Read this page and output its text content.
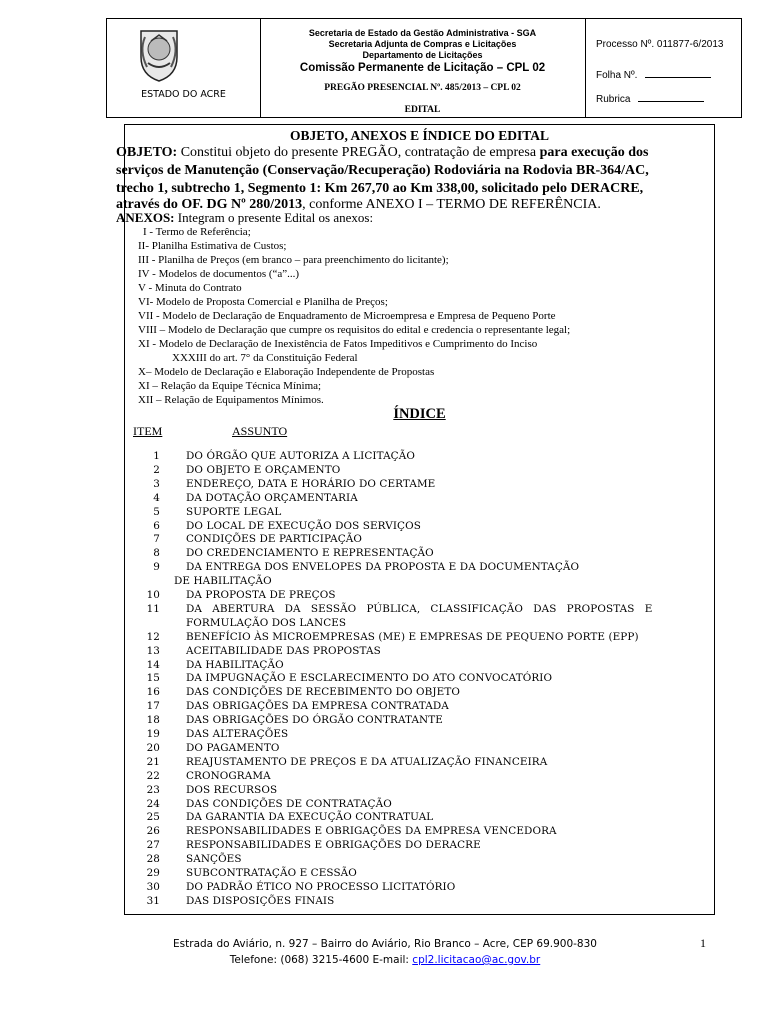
ESTADO DO ACRE
Secretaria de Estado da Gestão Administrativa - SGA
Secretaria Adjunta de Compras e Licitações
Departamento de Licitações
Comissão Permanente de Licitação – CPL 02
PREGÃO PRESENCIAL Nº. 485/2013 – CPL 02
EDITAL
Processo Nº. 011877-6/2013
Folha Nº.
Rubrica
OBJETO, ANEXOS E ÍNDICE DO EDITAL
OBJETO: Constitui objeto do presente PREGÃO, contratação de empresa para execução dos
serviços de Manutenção (Conservação/Recuperação) Rodoviária na Rodovia BR-364/AC,
trecho 1, subtrecho 1, Segmento 1: Km 267,70 ao Km 338,00, solicitado pelo DERACRE,
através do OF. DG Nº 280/2013, conforme ANEXO I – TERMO DE REFERÊNCIA.
ANEXOS: Integram o presente Edital os anexos:
I - Termo de Referência;
II- Planilha Estimativa de Custos;
III - Planilha de Preços (em branco – para preenchimento do licitante);
IV - Modelos de documentos (“a”...)
V - Minuta do Contrato
VI- Modelo de Proposta Comercial e Planilha de Preços;
VII - Modelo de Declaração de Enquadramento de Microempresa e Empresa de Pequeno Porte
VIII – Modelo de Declaração que cumpre os requisitos do edital e credencia o representante legal;
XI - Modelo de Declaração de Inexistência de Fatos Impeditivos e Cumprimento do Inciso
XXXIII do art. 7° da Constituição Federal
X– Modelo de Declaração e Elaboração Independente de Propostas
XI – Relação da Equipe Técnica Mínima;
XII – Relação de Equipamentos Mínimos.
ÍNDICE
ITEM	ASSUNTO
1	DO ÓRGÃO QUE AUTORIZA A LICITAÇÃO
2	DO OBJETO E ORÇAMENTO
3	ENDEREÇO, DATA E HORÁRIO DO CERTAME
4	DA DOTAÇÃO ORÇAMENTARIA
5	SUPORTE LEGAL
6	DO LOCAL DE EXECUÇÃO DOS SERVIÇOS
7	CONDIÇÕES DE PARTICIPAÇÃO
8	DO CREDENCIAMENTO E REPRESENTAÇÃO
9	DA ENTREGA DOS ENVELOPES DA PROPOSTA E DA DOCUMENTAÇÃO
DE HABILITAÇÃO
10	DA PROPOSTA DE PREÇOS
11	DA   ABERTURA   DA   SESSÃO   PÚBLICA,   CLASSIFICAÇÃO   DAS   PROPOSTAS   E
FORMULAÇÃO DOS LANCES
12	BENEFÍCIO ÀS MICROEMPRESAS (ME) E EMPRESAS DE PEQUENO PORTE (EPP)
13	ACEITABILIDADE DAS PROPOSTAS
14	DA HABILITAÇÃO
15	DA IMPUGNAÇÃO E ESCLARECIMENTO DO ATO CONVOCATÓRIO
16	DAS CONDIÇÕES DE RECEBIMENTO DO OBJETO
17	DAS OBRIGAÇÕES DA EMPRESA CONTRATADA
18	DAS OBRIGAÇÕES DO ÓRGÃO CONTRATANTE
19	DAS ALTERAÇÕES
20	DO PAGAMENTO
21	REAJUSTAMENTO DE PREÇOS E DA ATUALIZAÇÃO FINANCEIRA
22	CRONOGRAMA
23	DOS RECURSOS
24	DAS CONDIÇÕES DE CONTRATAÇÃO
25	DA GARANTIA DA EXECUÇÃO CONTRATUAL
26	RESPONSABILIDADES E OBRIGAÇÕES DA EMPRESA VENCEDORA
27	RESPONSABILIDADES E OBRIGAÇÕES DO DERACRE
28	SANÇÕES
29	SUBCONTRATAÇÃO E CESSÃO
30	DO PADRÃO ÉTICO NO PROCESSO LICITATÓRIO
31	DAS DISPOSIÇÕES FINAIS
Estrada do Aviário, n. 927 – Bairro do Aviário, Rio Branco – Acre, CEP 69.900-830
Telefone: (068) 3215-4600 E-mail: cpl2.licitacao@ac.gov.br
1
